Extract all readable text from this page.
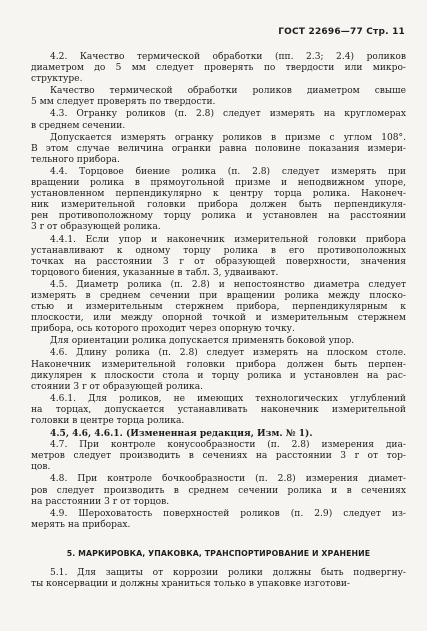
ГОСТ 22696—77 Стр. 11
4.2. Качество термической обработки (пп. 2.3; 2.4) роликов
диаметром до 5 мм следует проверять по твердости или микро-
структуре.
Качество термической обработки роликов диаметром свыше
5 мм следует проверять по твердости.
4.3. Огранку роликов (п. 2.8) следует измерять на кругломерах
в среднем сечении.
Допускается измерять огранку роликов в призме с углом 108°.
В этом случае величина огранки равна половине показания измери-
тельного прибора.
4.4. Торцовое биение ролика (п. 2.8) следует измерять при
вращении ролика в прямоугольной призме и неподвижном упоре,
установленном перпендикулярно к центру торца ролика. Наконеч-
ник измерительной головки прибора должен быть перпендикуля-
рен противоположному торцу ролика и установлен на расстоянии
3 r от образующей ролика.
4.4.1. Если упор и наконечник измерительной головки прибора
устанавливают к одному торцу ролика в его противоположных
точках на расстоянии 3 r от образующей поверхности, значения
торцового биения, указанные в табл. 3, удваивают.
4.5. Диаметр ролика (п. 2.8) и непостоянство диаметра следует
измерять в среднем сечении при вращении ролика между плоско-
стью и измерительным стержнем прибора, перпендикулярным к
плоскости, или между опорной точкой и измерительным стержнем
прибора, ось которого проходит через опорную точку.
Для ориентации ролика допускается применять боковой упор.
4.6. Длину ролика (п. 2.8) следует измерять на плоском столе.
Наконечник измерительной головки прибора должен быть перпен-
дикулярен к плоскости стола и торцу ролика и установлен на рас-
стоянии 3 r от образующей ролика.
4.6.1. Для роликов, не имеющих технологических углублений
на торцах, допускается устанавливать наконечник измерительной
головки в центре торца ролика.
4.5, 4.6, 4.6.1. (Измененная редакция, Изм. № 1).
4.7. При контроле конусообразности (п. 2.8) измерения диа-
метров следует производить в сечениях на расстоянии 3 r от тор-
цов.
4.8. При контроле бочкообразности (п. 2.8) измерения диамет-
ров следует производить в среднем сечении ролика и в сечениях
на расстоянии 3 r от торцов.
4.9. Шероховатость поверхностей роликов (п. 2.9) следует из-
мерять на приборах.
5. МАРКИРОВКА, УПАКОВКА, ТРАНСПОРТИРОВАНИЕ И ХРАНЕНИЕ
5.1. Для защиты от коррозии ролики должны быть подвергну-
ты консервации и должны храниться только в упаковке изготови-
